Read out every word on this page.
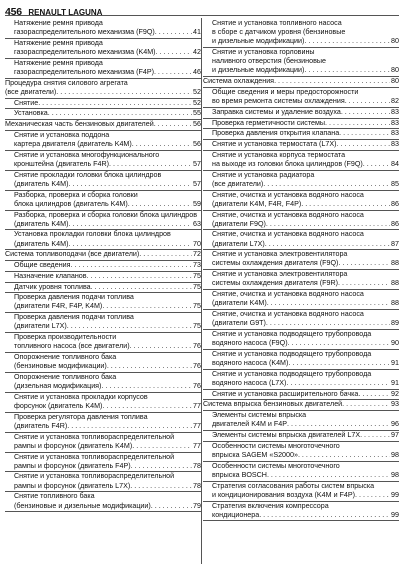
456 RENAULT LAGUNA
Натяжение ремня привода
газораспределительного механизма (F9Q) . . .	41
Натяжение ремня привода
газораспределительного механизма (K4M) . . .	42
Натяжение ремня привода
газораспределительного механизма (F4P) . . .	46
Процедура снятия силового агрегата
(все двигатели) . . .	52
Снятие . . .	52
Установка . . .	55
Механическая часть бензиновых двигателей . . .	56
Снятие и установка поддона
картера двигателя (двигатель K4M) . . .	56
Снятие и установка многофункционального
кронштейна (двигатель F4R) . . .	57
Снятие прокладки головки блока цилиндров
(двигатель K4M) . . .	57
Разборка, проверка и сборка головки
блока цилиндров (двигатель K4M) . . .	59
Разборка, проверка и сборка головки блока цилиндров
(двигатель K4M) . . .	63
Установка прокладки головки блока цилиндров
(двигатель K4M) . . .	70
Система топливоподачи (все двигатели) . . .	72
Общие сведения . . .	73
Назначение клапанов . . .	75
Датчик уровня топлива . . .	75
Проверка давления подачи топлива
(двигатели F4R, F4P, K4M) . . .	75
Проверка давления подачи топлива
(двигатели L7X) . . .	75
Проверка производительности
топливного насоса (все двигатели) . . .	76
Опорожнение топливного бака
(бензиновые модификации) . . .	76
Опорожнение топливного бака
(дизельная модификация) . . .	76
Снятие и установка прокладки корпусов
форсунок (двигатель K4M) . . .	77
Проверка регулятора давления топлива
(двигатель F4R) . . .	77
Снятие и установка топливораспределительной
рампы и форсунок (двигатель K4M) . . .	77
Снятие и установка топливораспределительной
рампы и форсунок (двигатель F4P) . . .	78
Снятие и установка топливораспределительной
рампы и форсунок (двигатель L7X) . . .	78
Снятие топливного бака
(бензиновые и дизельные модификации) . . .	79
Снятие и установка топливного насоса
в сборе с датчиком уровня (бензиновые
и дизельные модификации) . . .	80
Снятие и установка горловины
наливного отверстия (бензиновые
и дизельные модификации) . . .	80
Система охлаждения . . .	80
Общие сведения и меры предосторожности
во время ремонта системы охлаждения . . .	82
Заправка системы и удаление воздуха . . .	83
Проверка герметичности системы . . .	83
Проверка давления открытия клапана . . .	83
Снятие и установка термостата (L7X) . . .	83
Снятие и установка корпуса термостата
на выходе из головки блока цилиндров (F9Q) . . .	84
Снятие и установка радиатора
(все двигатели) . . .	85
Снятие, очистка и установка водяного насоса
(двигатели K4M, F4R, F4P) . . .	86
Снятие, очистка и установка водяного насоса
(двигатели F9Q) . . .	86
Снятие, очистка и установка водяного насоса
(двигатели L7X) . . .	87
Снятие и установка электровентилятора
системы охлаждения двигателя (F9Q) . . .	88
Снятие и установка электровентилятора
системы охлаждения двигателя (F9R) . . .	88
Снятие, очистка и установка водяного насоса
(двигатели K4M) . . .	88
Снятие, очистка и установка водяного насоса
(двигатели G9T) . . .	89
Снятие и установка подводящего трубопровода
водяного насоса (F9Q) . . .	90
Снятие и установка подводящего трубопровода
водяного насоса (K4M) . . .	91
Снятие и установка подводящего трубопровода
водяного насоса (L7X) . . .	91
Снятие и установка расширительного бачка . . .	92
Система впрыска бензиновых двигателей . . .	93
Элементы системы впрыска
двигателей K4M и F4P . . .	96
Элементы системы впрыска двигателей L7X . . .	97
Особенности системы многоточечного
впрыска SAGEM «S2000» . . .	98
Особенности системы многоточечного
впрыска BOSCH . . .	98
Стратегия согласования работы систем впрыска
и кондиционирования воздуха (K4M и F4P) . . .	99
Стратегия включения компрессора
кондиционера . . .	99
